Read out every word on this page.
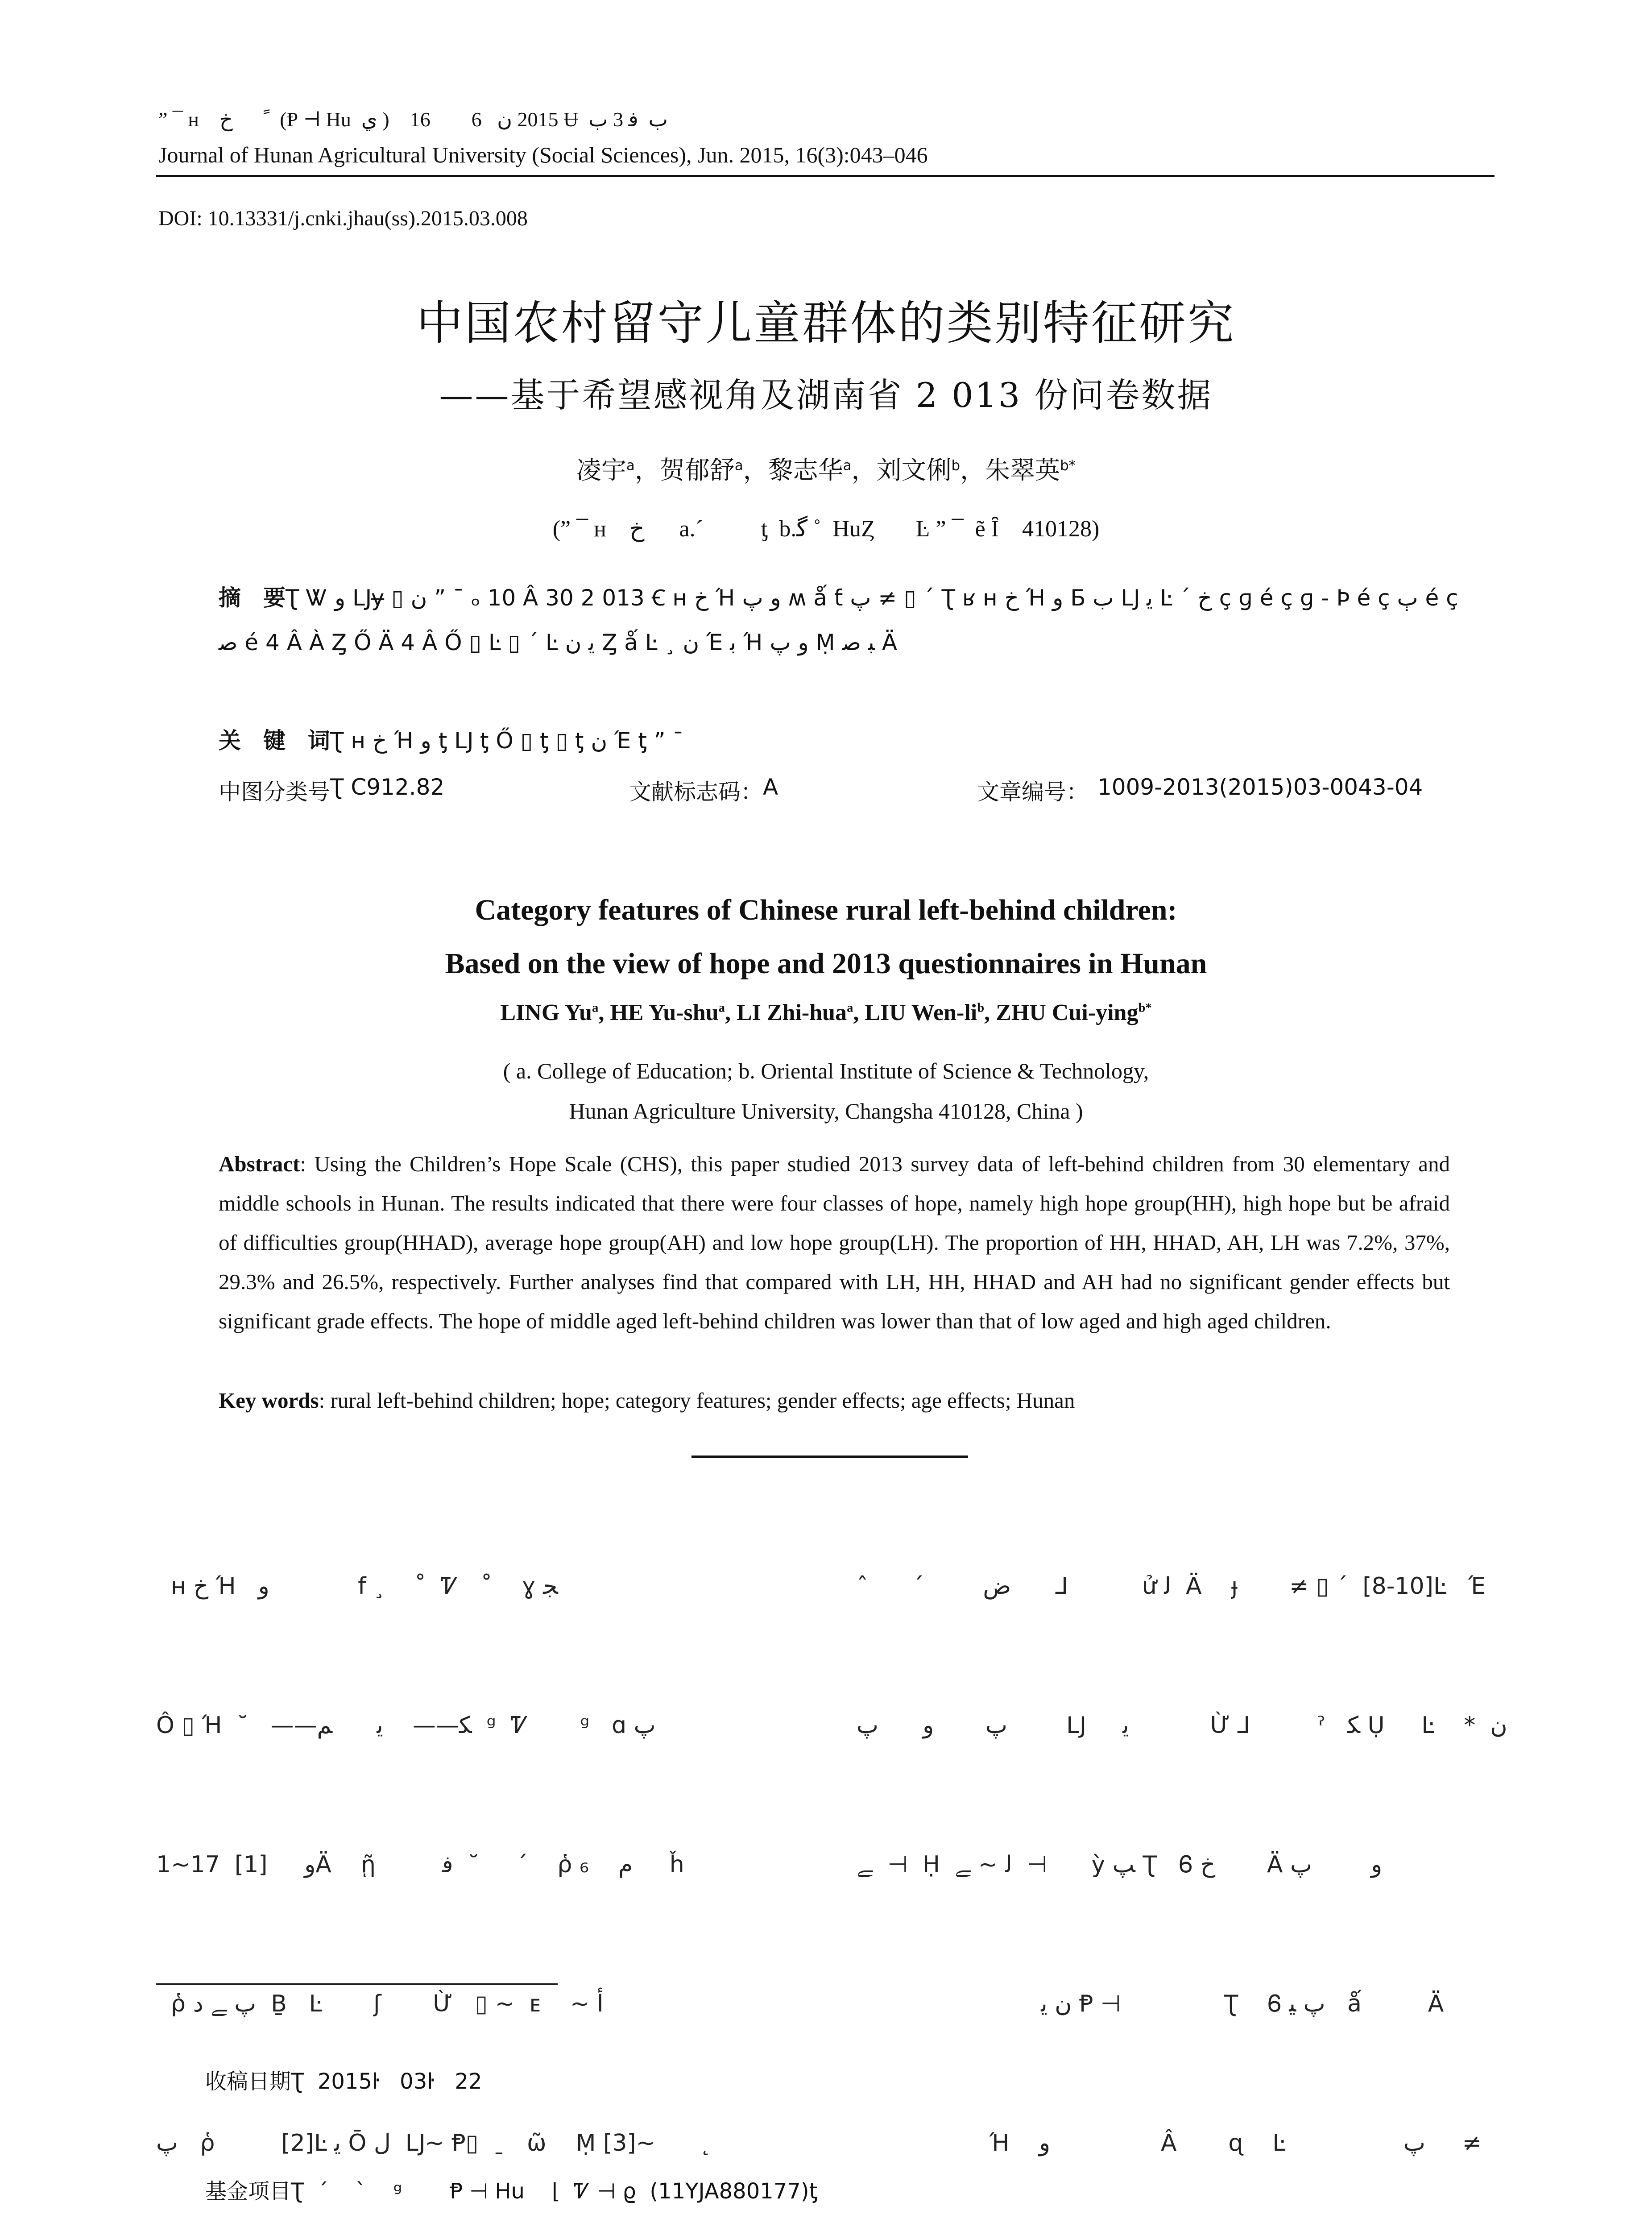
” ¯ ʜ    ﺥ       ً  (Ᵽ ⊣ Hu  ي )    2015 ﻥ   6        16 Ʉ  ﺏ  ﻓ 3 ﺏ
Journal of Hunan Agricultural University (Social Sciences), Jun. 2015, 16(3):043–046
DOI: 10.13331/j.cnki.jhau(ss).2015.03.008
中国农村留守儿童群体的类别特征研究
——基于希望感视角及湖南省 2 013 份问卷数据
凌宇$^a$，贺郁舒$^a$，黎志华$^a$，刘文俐$^b$，朱翠英$^{b*}$
(” ¯ ʜ    ﺥ      a.ˊ          ƫ  b.ﮔ ˚  HuȤ       Ŀ ” ¯  ẽ Ȋ    410128)
摘　要Ʈ Ꮤ ﻭ Ǉɏ ▯ ﻥ ” ¯ ₒ 10 Â 30 2 013 Ꞓ ʜ ﺥ Ή ﻭ ﭖ ʍ ǻ ƭ ﭖ ≠ ▯ ˊ Ʈ ʁ ʜ ﺥ Ή ﻭ Ƃ ﺏ Ǉ ﻳ Ŀ ˊ ﺥ ç ɡ é ç ɡ - Þ é ç ﭒ é ç ﺻ é 4 Â À Ȥ Ő Ä 4 Â Ő ▯ Ŀ ▯ ˊ Ŀ ﯾ ﻥ Ȥ ǻ Ŀ ¸ ﻥ Έ ﺑ Ή ﻭ ﭖ Ṃ ﺒ ﺻ Ä
关　键　词Ʈ ʜ ﺥ Ή ﻭ ƫ Ǉ ƫ Ő ▯ ƫ ▯ ƫ ﻥ Έ ƫ ” ¯
中图分类号 Ʈ C912.82	文献标志码： A	文章编号： 1009-2013(2015)03-0043-04
Category features of Chinese rural left-behind children:
Based on the view of hope and 2013 questionnaires in Hunan
LING Yu$^a$, HE Yu-shu$^a$, LI Zhi-hua$^a$, LIU Wen-$li^b$, ZHU Cui-ying$^{b*}$
( a. College of Education; b. Oriental Institute of Science & Technology,
Hunan Agriculture University, Changsha 410128, China )
Abstract: Using the Children’s Hope Scale (CHS), this paper studied 2013 survey data of left-behind children from 30 elementary and middle schools in Hunan. The results indicated that there were four classes of hope, namely high hope group(HH), high hope but be afraid of difficulties group(HHAD), average hope group(AH) and low hope group(LH). The proportion of HH, HHAD, AH, LH was 7.2%, 37%, 29.3% and 26.5%, respectively. Further analyses find that compared with LH, HH, HHAD and AH had no significant gender effects but significant grade effects. The hope of middle aged left-behind children was lower than that of low aged and high aged children.
Key words: rural left-behind children; hope; category features; gender effects; age effects; Hunan

ʜ ﺥ Ή   ﻭ            f ¸    ˚  Ꮴ   ˚    ɣ ﺠ

Ô ▯ Ή  ˘   ——ﮑ——    ﻳ      ﻢ  ᵍ  Ꮴ       ᵍ   ɑ ﭖ

1~17  ﻭ     [1]Ä    ῇ         ﻓ  ˘     ˊ    ῥ ₆    ﻡ     ȟ

ῥ ﭖ ﮯ ﺩ  Ḇ   Ŀ       ʃ       Ừ   ▯ ~  ᴇ    ~ ﺃ

ﭖ   ῥ         [2]Ŀ ﻳ Ō ﻝ  Ǉ~ Ᵽ▯  ˍ   ῶ    Ṃ [3]~      ˛

ˆ      ˊ        ﺽ      ⅃          ử ﻟ  Ä    ɟ       ≠ ▯ ˊ  [8-10]Ŀ   Έ

ﭖ       ﻭ      ﭖ        Ǉ     ﻳ           Ừ ⅃         ˀ   ﮑ Ụ     Ŀ    *  ﻥ

ﮯ  ⊣  Ḥ  ﻟ ~ ﮯ  ⊣      ỳ ﭗ Ʈ   Ꮾ ﺥ       Ä ﻭ        ﭖ

ﻥ ﻳ Ᵽ ⊣              Ʈ    Ꮾ ﭖ ﻴ   ǻ         Ä

Ή    ﻭ               Â       ɋ    Ŀ                ﭖ     ≠

收稿日期Ʈ  2015ŀ   03ŀ   22

基金项目Ʈ  ˊ    ˋ    ᵍ       Ᵽ ⊣ Hu    ⌊  Ꮴ ⊣ ϱ  (11YJA880177)ƫ
